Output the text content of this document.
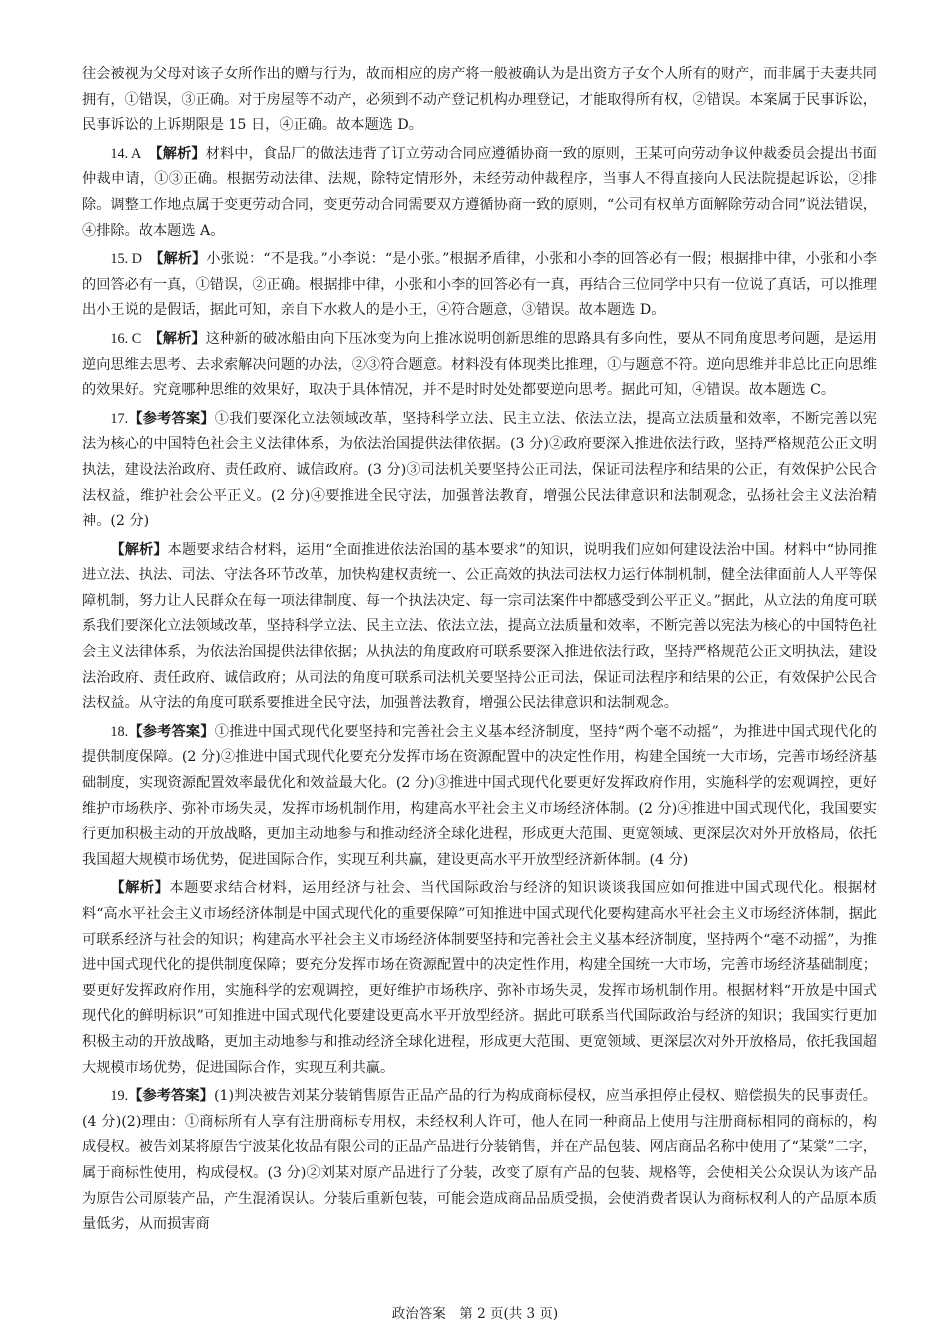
往会被视为父母对该子女所作出的赠与行为，故而相应的房产将一般被确认为是出资方子女个人所有的财产，而非属于夫妻共同拥有，①错误，③正确。对于房屋等不动产，必须到不动产登记机构办理登记，才能取得所有权，②错误。本案属于民事诉讼，民事诉讼的上诉期限是 15 日，④正确。故本题选 D。

14. A　 【解析】材料中，食品厂的做法违背了订立劳动合同应遵循协商一致的原则，王某可向劳动争议仲裁委员会提出书面仲裁申请，①③正确。根据劳动法律、法规，除特定情形外，未经劳动仲裁程序，当事人不得直接向人民法院提起诉讼，②排除。调整工作地点属于变更劳动合同，变更劳动合同需要双方遵循协商一致的原则，“公司有权单方面解除劳动合同”说法错误，④排除。故本题选 A。

15. D　 【解析】小张说：“不是我。”小李说：“是小张。”根据矛盾律，小张和小李的回答必有一假；根据排中律，小张和小李的回答必有一真，①错误，②正确。根据排中律，小张和小李的回答必有一真，再结合三位同学中只有一位说了真话，可以推理出小王说的是假话，据此可知，亲自下水救人的是小王，④符合题意，③错误。故本题选 D。

16. C　 【解析】这种新的破冰船由向下压冰变为向上推冰说明创新思维的思路具有多向性，要从不同角度思考问题，是运用逆向思维去思考、去求索解决问题的办法，②③符合题意。材料没有体现类比推理，①与题意不符。逆向思维并非总比正向思维的效果好。究竟哪种思维的效果好，取决于具体情况，并不是时时处处都要逆向思考。据此可知，④错误。故本题选 C。

17.【参考答案】①我们要深化立法领域改革，坚持科学立法、民主立法、依法立法，提高立法质量和效率，不断完善以宪法为核心的中国特色社会主义法律体系，为依法治国提供法律依据。(3 分)②政府要深入推进依法行政，坚持严格规范公正文明执法，建设法治政府、责任政府、诚信政府。(3 分)③司法机关要坚持公正司法，保证司法程序和结果的公正，有效保护公民合法权益，维护社会公平正义。(2 分)④要推进全民守法，加强普法教育，增强公民法律意识和法制观念，弘扬社会主义法治精神。(2 分)

【解析】本题要求结合材料，运用“全面推进依法治国的基本要求”的知识，说明我们应如何建设法治中国。材料中“协同推进立法、执法、司法、守法各环节改革，加快构建权责统一、公正高效的执法司法权力运行体制机制，健全法律面前人人平等保障机制，努力让人民群众在每一项法律制度、每一个执法决定、每一宗司法案件中都感受到公平正义。”据此，从立法的角度可联系我们要深化立法领域改革，坚持科学立法、民主立法、依法立法，提高立法质量和效率，不断完善以宪法为核心的中国特色社会主义法律体系，为依法治国提供法律依据；从执法的角度政府可联系要深入推进依法行政，坚持严格规范公正文明执法，建设法治政府、责任政府、诚信政府；从司法的角度可联系司法机关要坚持公正司法，保证司法程序和结果的公正，有效保护公民合法权益。从守法的角度可联系要推进全民守法，加强普法教育，增强公民法律意识和法制观念。

18.【参考答案】①推进中国式现代化要坚持和完善社会主义基本经济制度，坚持“两个毫不动摇”，为推进中国式现代化的提供制度保障。(2 分)②推进中国式现代化要充分发挥市场在资源配置中的决定性作用，构建全国统一大市场，完善市场经济基础制度，实现资源配置效率最优化和效益最大化。(2 分)③推进中国式现代化要更好发挥政府作用，实施科学的宏观调控，更好维护市场秩序、弥补市场失灵，发挥市场机制作用，构建高水平社会主义市场经济体制。(2 分)④推进中国式现代化，我国要实行更加积极主动的开放战略，更加主动地参与和推动经济全球化进程，形成更大范围、更宽领域、更深层次对外开放格局，依托我国超大规模市场优势，促进国际合作，实现互利共赢，建设更高水平开放型经济新体制。(4 分)

【解析】本题要求结合材料，运用经济与社会、当代国际政治与经济的知识谈谈我国应如何推进中国式现代化。根据材料“高水平社会主义市场经济体制是中国式现代化的重要保障”可知推进中国式现代化要构建高水平社会主义市场经济体制，据此可联系经济与社会的知识；构建高水平社会主义市场经济体制要坚持和完善社会主义基本经济制度，坚持两个“毫不动摇”，为推进中国式现代化的提供制度保障；要充分发挥市场在资源配置中的决定性作用，构建全国统一大市场，完善市场经济基础制度；要更好发挥政府作用，实施科学的宏观调控，更好维护市场秩序、弥补市场失灵，发挥市场机制作用。根据材料“开放是中国式现代化的鲜明标识”可知推进中国式现代化要建设更高水平开放型经济。据此可联系当代国际政治与经济的知识；我国实行更加积极主动的开放战略，更加主动地参与和推动经济全球化进程，形成更大范围、更宽领域、更深层次对外开放格局，依托我国超大规模市场优势，促进国际合作，实现互利共赢。

19.【参考答案】(1)判决被告刘某分装销售原告正品产品的行为构成商标侵权，应当承担停止侵权、赔偿损失的民事责任。(4 分)(2)理由：①商标所有人享有注册商标专用权，未经权利人许可，他人在同一种商品上使用与注册商标相同的商标的，构成侵权。被告刘某将原告宁波某化妆品有限公司的正品产品进行分装销售，并在产品包装、网店商品名称中使用了“某棠”二字，属于商标性使用，构成侵权。(3 分)②刘某对原产品进行了分装，改变了原有产品的包装、规格等，会使相关公众误认为该产品为原告公司原装产品，产生混淆误认。分装后重新包装，可能会造成商品品质受损，会使消费者误认为商标权利人的产品原本质量低劣，从而损害商

政治答案　第 2 页(共 3 页)
